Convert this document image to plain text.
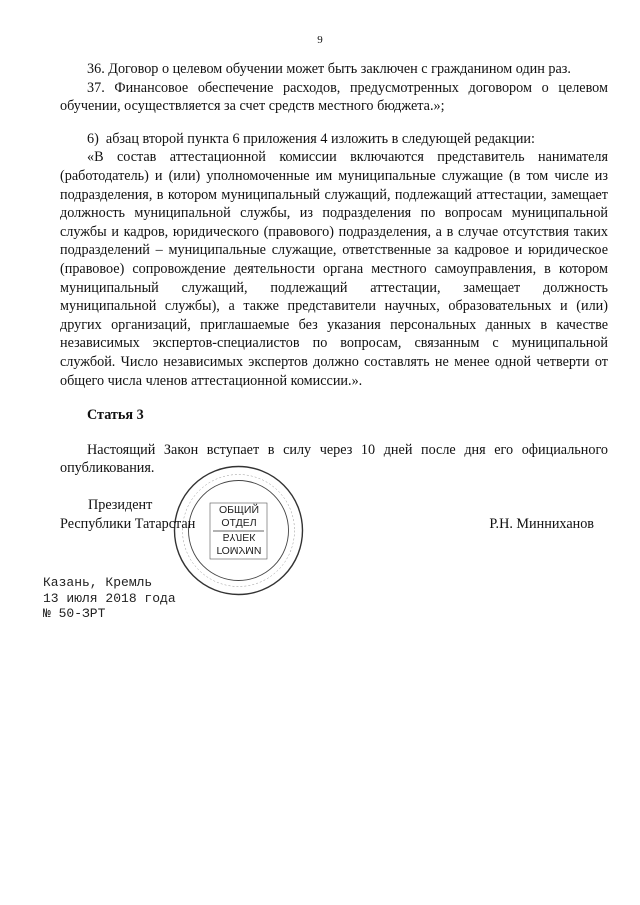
9

36. Договор о целевом обучении может быть заключен с гражданином один раз.

37. Финансовое обеспечение расходов, предусмотренных договором о целевом обучении, осуществляется за счет средств местного бюджета.»;

6)  абзац второй пункта 6 приложения 4 изложить в следующей редакции:

«В состав аттестационной комиссии включаются представитель нанимателя (работодатель) и (или) уполномоченные им муниципальные служащие (в том числе из подразделения, в котором муниципальный служащий, подлежащий аттестации, замещает должность муниципальной службы, из подразделения по вопросам муниципальной службы и кадров, юридического (правового) подразделения, а в случае отсутствия таких подразделений – муниципальные служащие, ответственные за кадровое и юридическое (правовое) сопровождение деятельности органа местного самоуправления, в котором муниципальный служащий, подлежащий аттестации, замещает должность муниципальной службы), а также представители научных, образовательных и (или) других организаций, приглашаемые без указания персональных данных в качестве независимых экспертов-специалистов по вопросам, связанным с муниципальной службой. Число независимых экспертов должно составлять не менее одной четверти от общего числа членов аттестационной комиссии.».

Статья 3

Настоящий Закон вступает в силу через 10 дней после дня его официального опубликования.

ОБЩИЙ
ОТДЕЛ

БҮЛЕК
ГОМУМИ
Президент
Республики Татарстан	Р.Н. Минниханов
Казань, Кремль
13 июля 2018 года
№ 50-ЗРТ
